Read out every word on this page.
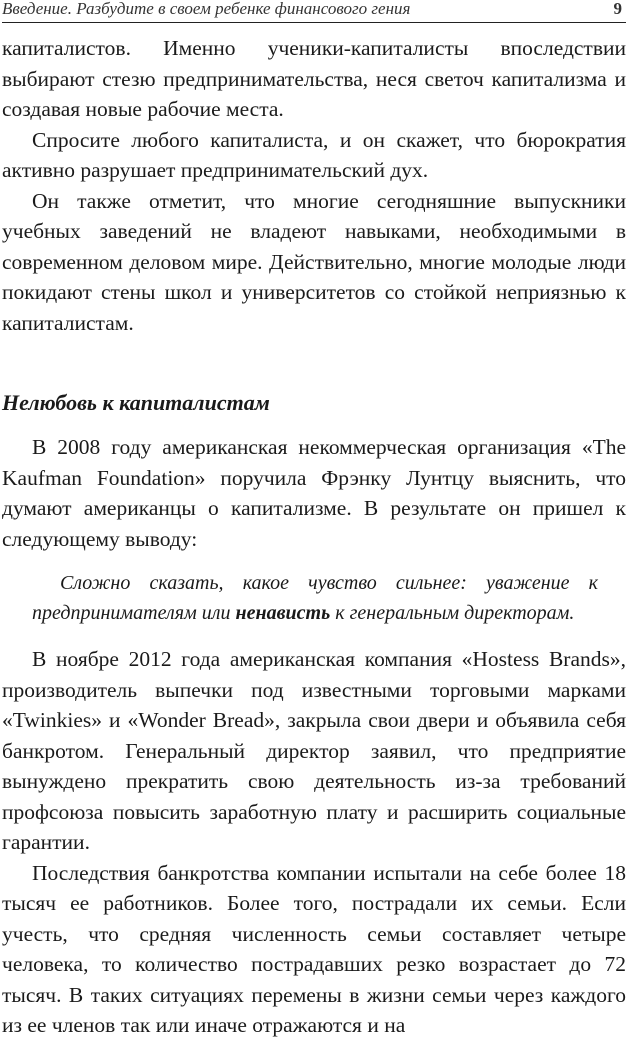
Введение. Разбудите в своем ребенке финансового гения	9

капиталистов. Именно ученики-капиталисты впоследствии выбирают стезю предпринимательства, неся светоч капитализма и создавая новые рабочие места.

Спросите любого капиталиста, и он скажет, что бюрократия активно разрушает предпринимательский дух.

Он также отметит, что многие сегодняшние выпускники учебных заведений не владеют навыками, необходимыми в современном деловом мире. Действительно, многие молодые люди покидают стены школ и университетов со стойкой неприязнью к капиталистам.

Нелюбовь к капиталистам

В 2008 году американская некоммерческая организация «The Kaufman Foundation» поручила Фрэнку Лунтцу выяснить, что думают американцы о капитализме. В результате он пришел к следующему выводу:

Сложно сказать, какое чувство сильнее: уважение к предпринимателям или ненависть к генеральным директорам.

В ноябре 2012 года американская компания «Hostess Brands», производитель выпечки под известными торговыми марками «Twinkies» и «Wonder Bread», закрыла свои двери и объявила себя банкротом. Генеральный директор заявил, что предприятие вынуждено прекратить свою деятельность из-за требований профсоюза повысить заработную плату и расширить социальные гарантии.

Последствия банкротства компании испытали на себе более 18 тысяч ее работников. Более того, пострадали их семьи. Если учесть, что средняя численность семьи составляет четыре человека, то количество пострадавших резко возрастает до 72 тысяч. В таких ситуациях перемены в жизни семьи через каждого из ее членов так или иначе отражаются и на
